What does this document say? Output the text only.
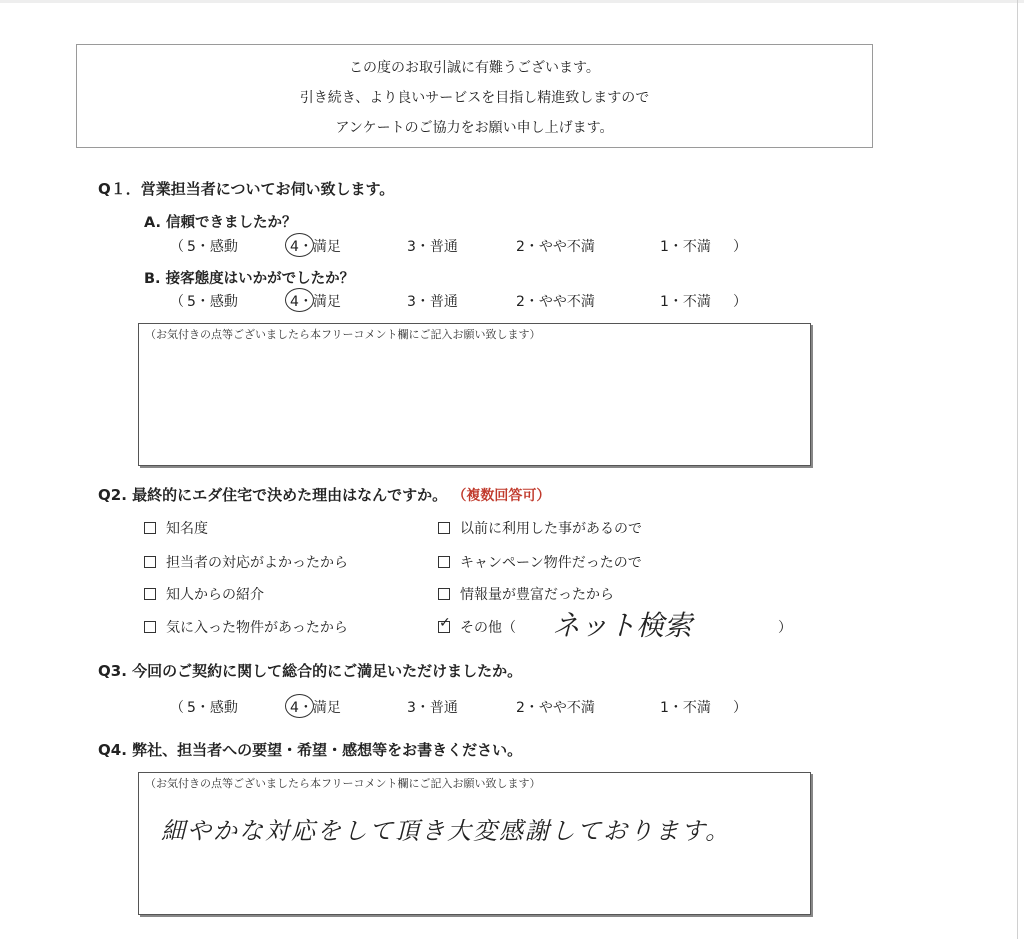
この度のお取引誠に有難うございます。
引き続き、より良いサービスを目指し精進致しますので
アンケートのご協力をお願い申し上げます。
Q１．営業担当者についてお伺い致します。
A. 信頼できましたか？
（ 5・感動	4・満足	3・普通	2・やや不満	1・不満 ）
B. 接客態度はいかがでしたか？
（ 5・感動	4・満足	3・普通	2・やや不満	1・不満 ）
（お気付きの点等ございましたら本フリーコメント欄にご記入お願い致します）
Q2. 最終的にエダ住宅で決めた理由はなんですか。 （複数回答可）
知名度	以前に利用した事があるので
担当者の対応がよかったから	キャンペーン物件だったので
知人からの紹介	情報量が豊富だったから
気に入った物件があったから	✓ その他（ ネット検索	）
Q3. 今回のご契約に関して総合的にご満足いただけましたか。
（ 5・感動	4・満足	3・普通	2・やや不満	1・不満 ）
Q4. 弊社、担当者への要望・希望・感想等をお書きください。
（お気付きの点等ございましたら本フリーコメント欄にご記入お願い致します）
細やかな対応をして頂き大変感謝しております。
